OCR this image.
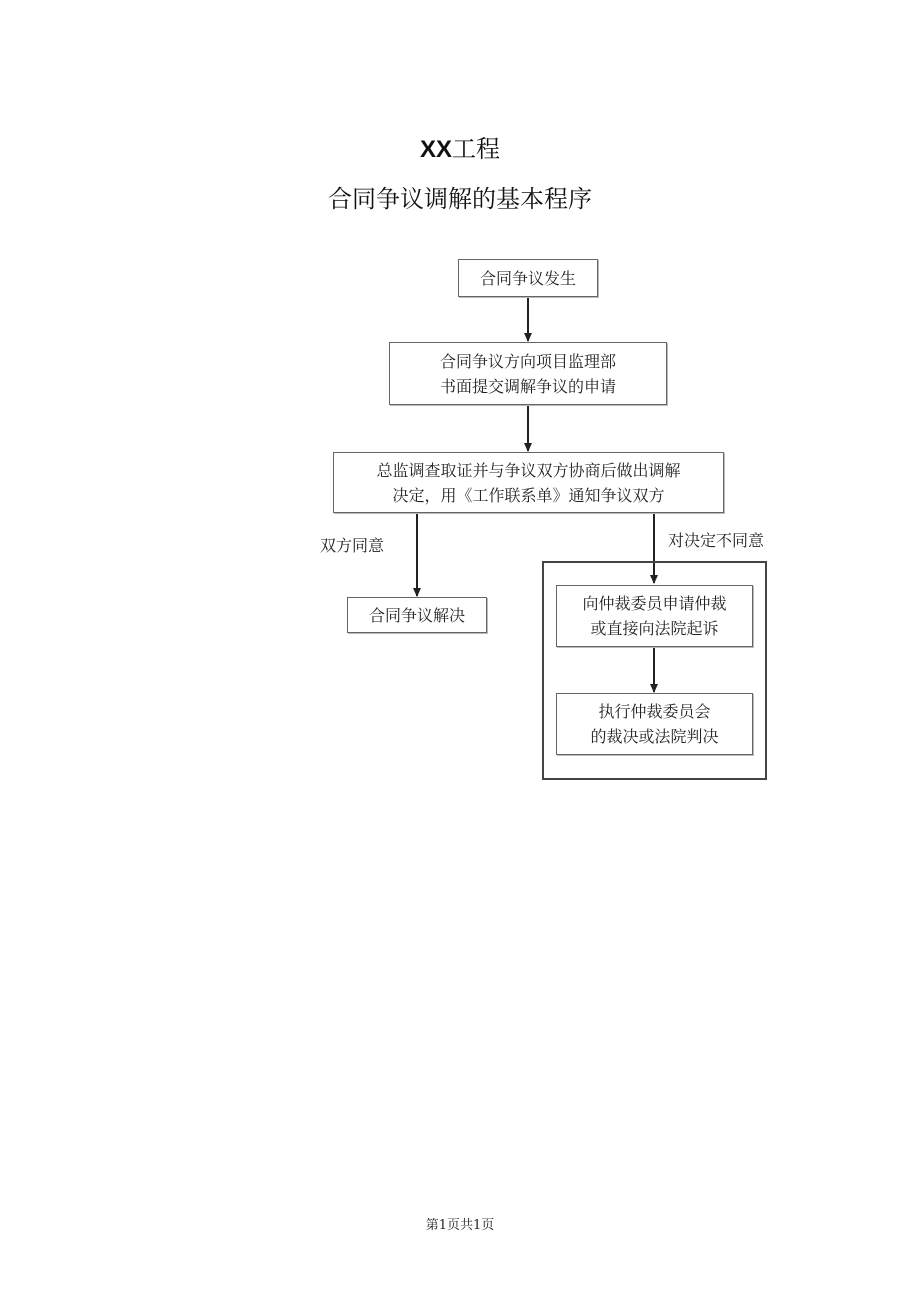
XX工程
合同争议调解的基本程序
合同争议发生
合同争议方向项目监理部
书面提交调解争议的申请
总监调查取证并与争议双方协商后做出调解
决定，用《工作联系单》通知争议双方
双方同意	对决定不同意
合同争议解决
向仲裁委员申请仲裁
或直接向法院起诉
执行仲裁委员会
的裁决或法院判决
第1页共1页
